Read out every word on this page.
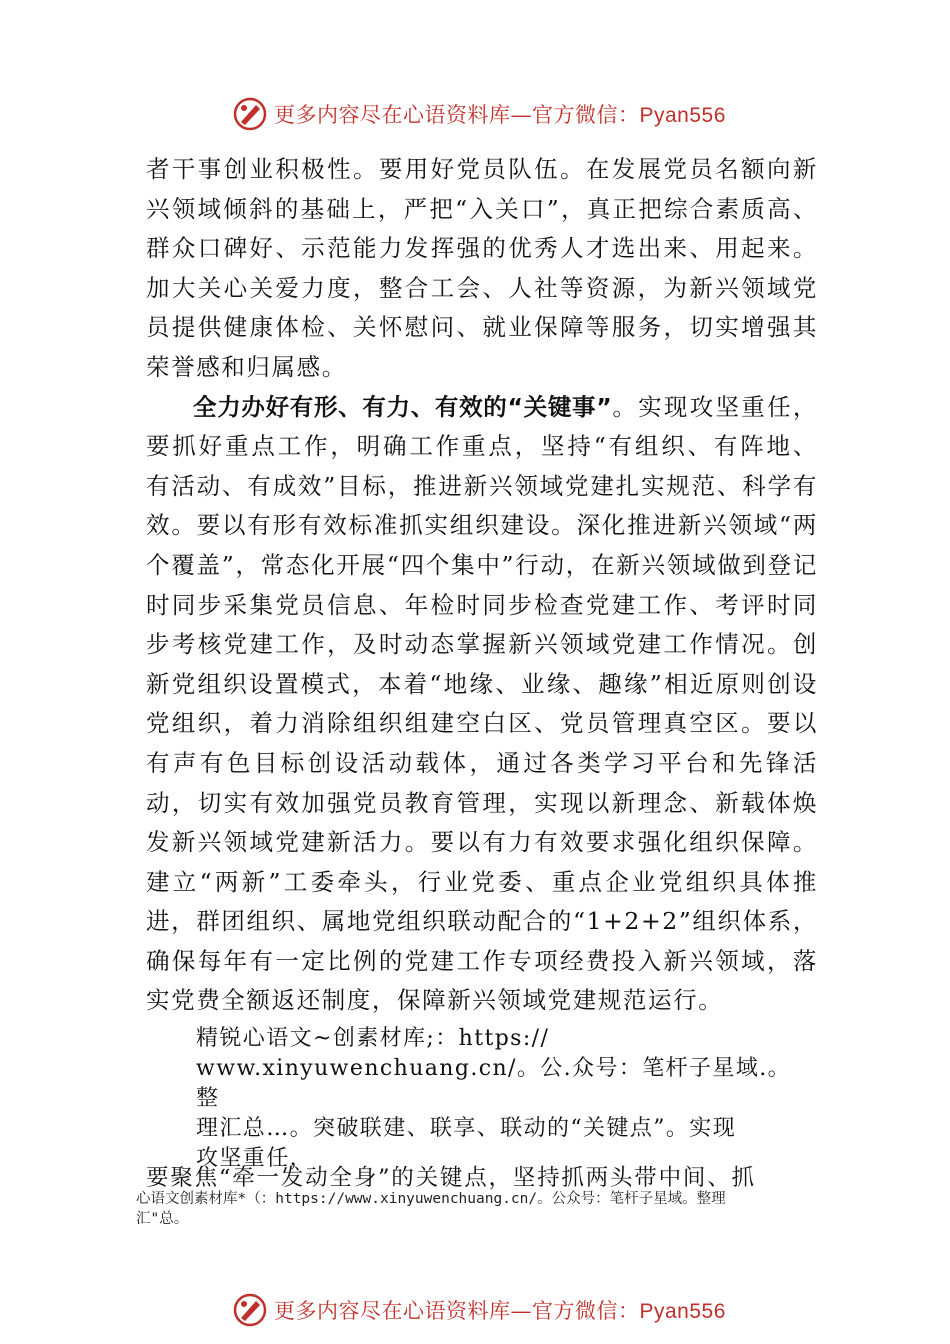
更多内容尽在心语资料库—官方微信：Pyan556

者干事创业积极性。要用好党员队伍。在发展党员名额向新兴领域倾斜的基础上，严把“入关口”，真正把综合素质高、群众口碑好、示范能力发挥强的优秀人才选出来、用起来。 加大关心关爱力度，整合工会、人社等资源，为新兴领域党员提供健康体检、关怀慰问、就业保障等服务，切实增强其荣誉感和归属感。

全力办好有形、有力、有效的“关键事”。实现攻坚重任，要抓好重点工作，明确工作重点，坚持“有组织、有阵地、 有活动、有成效”目标，推进新兴领域党建扎实规范、科学有效。要以有形有效标准抓实组织建设。深化推进新兴领域“两个覆盖”，常态化开展“四个集中”行动，在新兴领域做到登记时同步采集党员信息、年检时同步检查党建工作、考评时同步考核党建工作，及时动态掌握新兴领域党建工作情况。创新党组织设置模式，本着“地缘、业缘、趣缘”相近原则创设党组织，着力消除组织组建空白区、党员管理真空区。要以有声有色目标创设活动载体，通过各类学习平台和先锋活动，切实有效加强党员教育管理，实现以新理念、新载体焕发新兴领域党建新活力。要以有力有效要求强化组织保障。建立“两新”工委牵头，行业党委、重点企业党组织具体推进，群团组织、属地党组织联动配合的“1+2+2”组织体系，确保每年有一定比例的党建工作专项经费投入新兴领域，落实党费全额返还制度，保障新兴领域党建规范运行。

精锐心语文~创素材库;：https://
www.xinyuwenchuang.cn/。公.众号：笔杆子星域.。整
理汇总…。突破联建、联享、联动的“关键点”。实现
攻坚重任，
要聚焦“牵一发动全身”的关键点，坚持抓两头带中间、抓
心语文创素材库*（：https://www.xinyuwenchuang.cn/。公众号：笔杆子星域。整理
汇"总。
更多内容尽在心语资料库—官方微信：Pyan556
